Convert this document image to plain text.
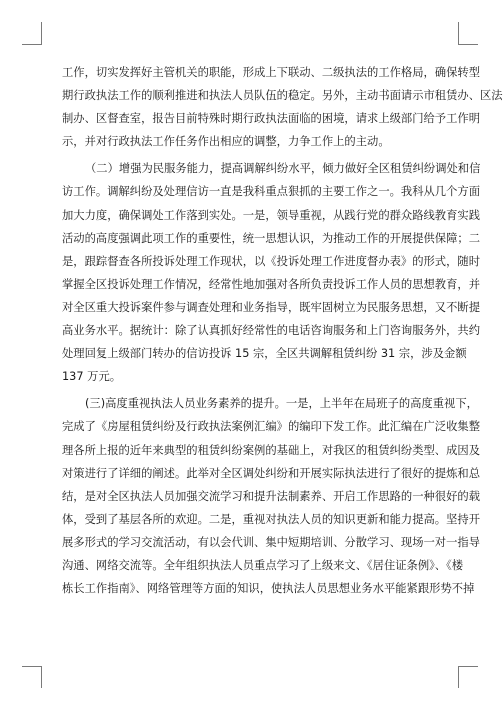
工作，切实发挥好主管机关的职能，形成上下联动、二级执法的工作格局，确保转型
期行政执法工作的顺利推进和执法人员队伍的稳定。另外，主动书面请示市租赁办、区法
制办、区督查室，报告目前特殊时期行政执法面临的困境，请求上级部门给予工作明
示，并对行政执法工作任务作出相应的调整，力争工作上的主动。
（二）增强为民服务能力，提高调解纠纷水平，倾力做好全区租赁纠纷调处和信
访工作。调解纠纷及处理信访一直是我科重点狠抓的主要工作之一。我科从几个方面
加大力度，确保调处工作落到实处。一是，领导重视，从践行党的群众路线教育实践
活动的高度强调此项工作的重要性，统一思想认识，为推动工作的开展提供保障；二
是，跟踪督查各所投诉处理工作现状，以《投诉处理工作进度督办表》的形式，随时
掌握全区投诉处理工作情况，经常性地加强对各所负责投诉工作人员的思想教育，并
对全区重大投诉案件参与调查处理和业务指导，既牢固树立为民服务思想，又不断提
高业务水平。据统计：除了认真抓好经常性的电话咨询服务和上门咨询服务外，共约
处理回复上级部门转办的信访投诉 15 宗，全区共调解租赁纠纷 31 宗，涉及金额
137 万元。
(三)高度重视执法人员业务素养的提升。一是，上半年在局班子的高度重视下，
完成了《房屋租赁纠纷及行政执法案例汇编》的编印下发工作。此汇编在广泛收集整
理各所上报的近年来典型的租赁纠纷案例的基础上，对我区的租赁纠纷类型、成因及
对策进行了详细的阐述。此举对全区调处纠纷和开展实际执法进行了很好的提炼和总
结，是对全区执法人员加强交流学习和提升法制素养、开启工作思路的一种很好的载
体，受到了基层各所的欢迎。二是，重视对执法人员的知识更新和能力提高。坚持开
展多形式的学习交流活动，有以会代训、集中短期培训、分散学习、现场一对一指导
沟通、网络交流等。全年组织执法人员重点学习了上级来文、《居住证条例》、《楼
栋长工作指南》、网络管理等方面的知识，使执法人员思想业务水平能紧跟形势不掉
